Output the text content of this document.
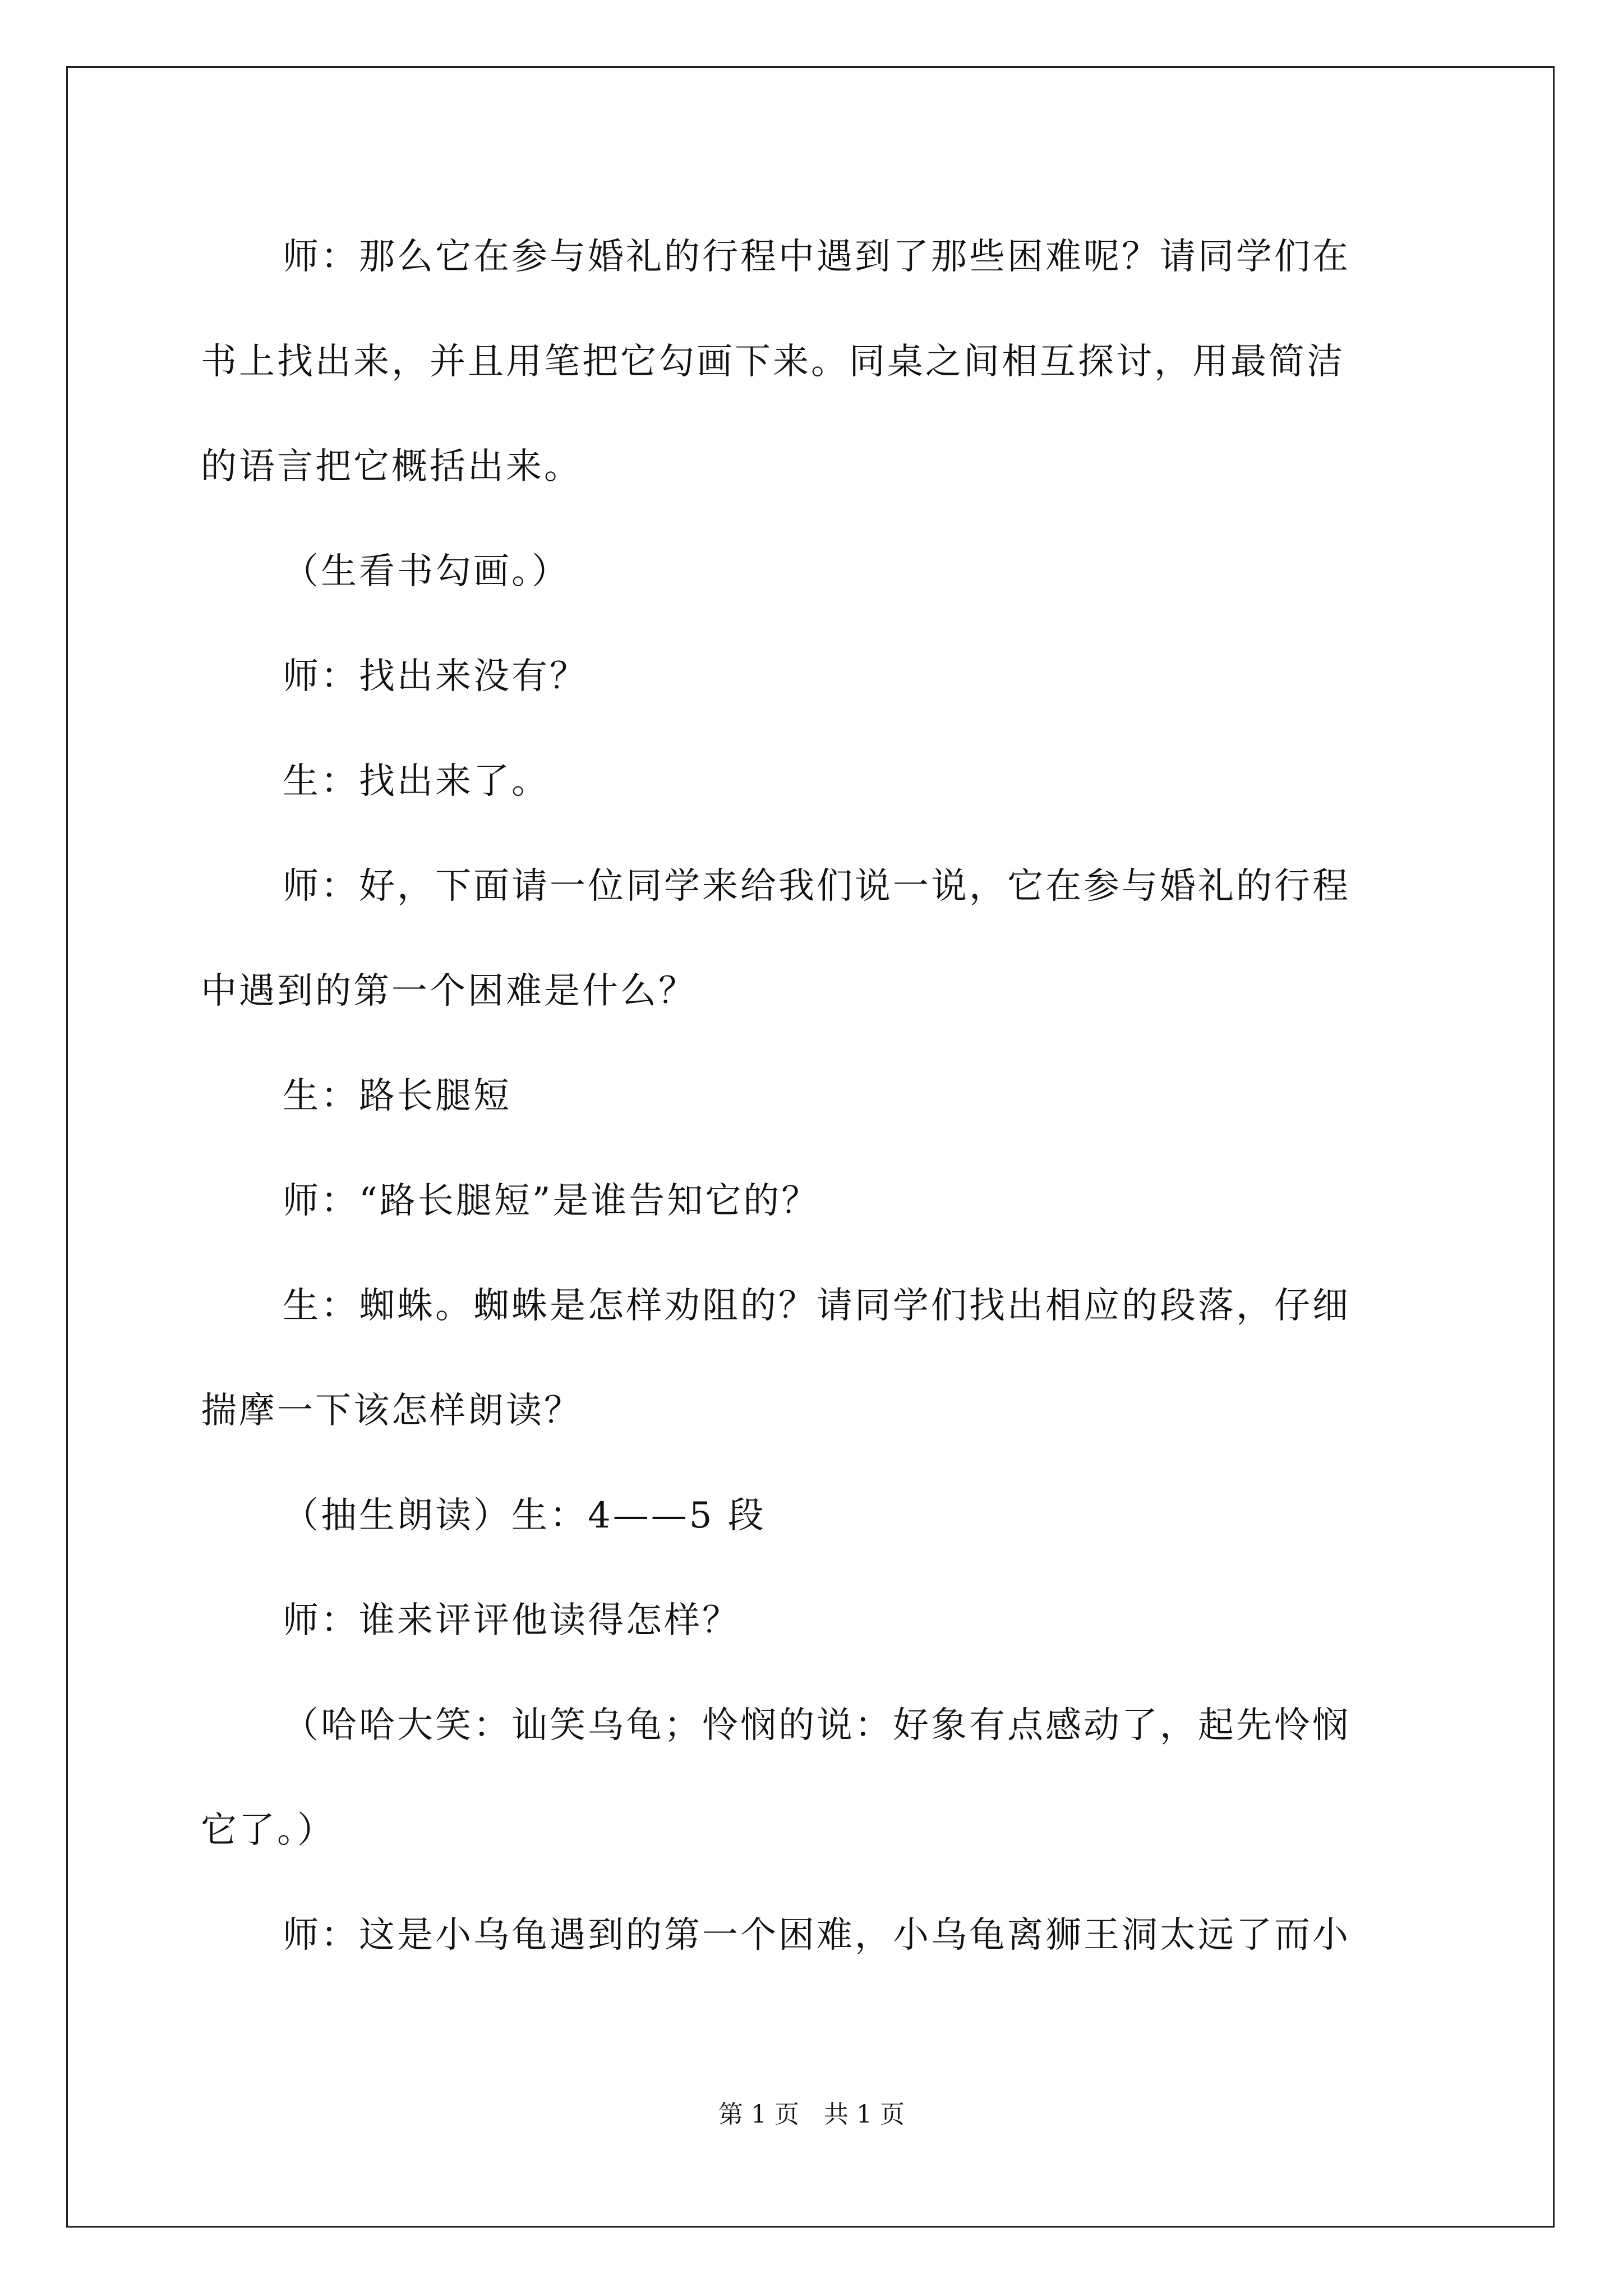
师：那么它在参与婚礼的行程中遇到了那些困难呢？请同学们在
书上找出来，并且用笔把它勾画下来。同桌之间相互探讨，用最简洁
的语言把它概括出来。
（生看书勾画。）
师：找出来没有？
生：找出来了。
师：好，下面请一位同学来给我们说一说，它在参与婚礼的行程
中遇到的第一个困难是什么？
生：路长腿短
师：“路长腿短”是谁告知它的？
生：蜘蛛。蜘蛛是怎样劝阻的？请同学们找出相应的段落，仔细
揣摩一下该怎样朗读？
（抽生朗读）生：4——5 段
师：谁来评评他读得怎样？
（哈哈大笑：讪笑乌龟；怜悯的说：好象有点感动了，起先怜悯
它了。）
师：这是小乌龟遇到的第一个困难，小乌龟离狮王洞太远了而小
第 1 页 共 1 页
